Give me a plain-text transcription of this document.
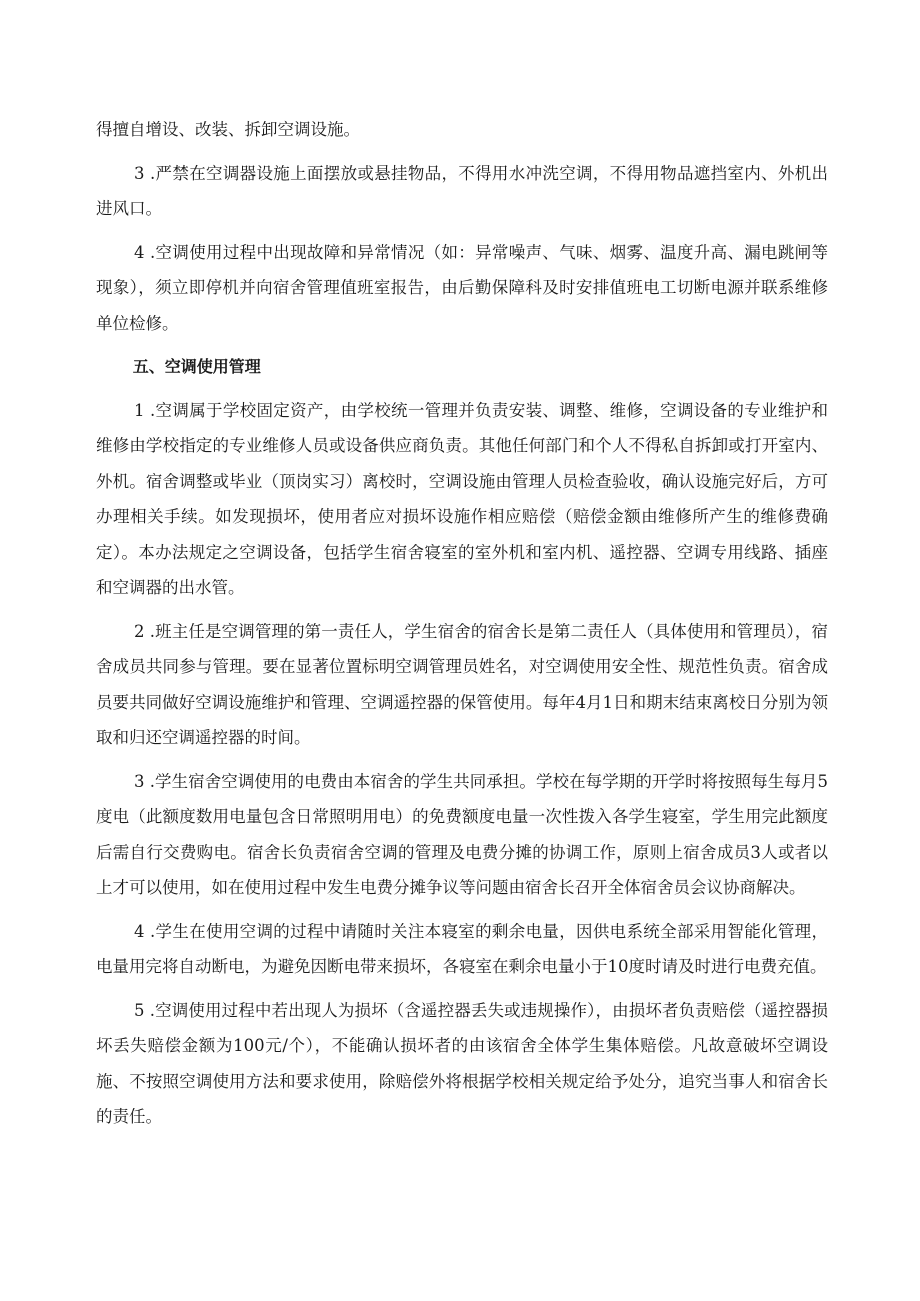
得擅自增设、改装、拆卸空调设施。

3 .严禁在空调器设施上面摆放或悬挂物品，不得用水冲洗空调，不得用物品遮挡室内、外机出进风口。

4 .空调使用过程中出现故障和异常情况（如：异常噪声、气味、烟雾、温度升高、漏电跳闸等现象），须立即停机并向宿舍管理值班室报告，由后勤保障科及时安排值班电工切断电源并联系维修单位检修。

五、空调使用管理

1 .空调属于学校固定资产，由学校统一管理并负责安装、调整、维修，空调设备的专业维护和维修由学校指定的专业维修人员或设备供应商负责。其他任何部门和个人不得私自拆卸或打开室内、外机。宿舍调整或毕业（顶岗实习）离校时，空调设施由管理人员检查验收，确认设施完好后，方可办理相关手续。如发现损坏，使用者应对损坏设施作相应赔偿（赔偿金额由维修所产生的维修费确定）。本办法规定之空调设备，包括学生宿舍寝室的室外机和室内机、遥控器、空调专用线路、插座和空调器的出水管。

2 .班主任是空调管理的第一责任人，学生宿舍的宿舍长是第二责任人（具体使用和管理员），宿舍成员共同参与管理。要在显著位置标明空调管理员姓名，对空调使用安全性、规范性负责。宿舍成员要共同做好空调设施维护和管理、空调遥控器的保管使用。每年4月1日和期末结束离校日分别为领取和归还空调遥控器的时间。

3 .学生宿舍空调使用的电费由本宿舍的学生共同承担。学校在每学期的开学时将按照每生每月5度电（此额度数用电量包含日常照明用电）的免费额度电量一次性拨入各学生寝室，学生用完此额度后需自行交费购电。宿舍长负责宿舍空调的管理及电费分摊的协调工作，原则上宿舍成员3人或者以上才可以使用，如在使用过程中发生电费分摊争议等问题由宿舍长召开全体宿舍员会议协商解决。

4 .学生在使用空调的过程中请随时关注本寝室的剩余电量，因供电系统全部采用智能化管理，电量用完将自动断电，为避免因断电带来损坏，各寝室在剩余电量小于10度时请及时进行电费充值。

5 .空调使用过程中若出现人为损坏（含遥控器丢失或违规操作），由损坏者负责赔偿（遥控器损坏丢失赔偿金额为100元/个），不能确认损坏者的由该宿舍全体学生集体赔偿。凡故意破坏空调设施、不按照空调使用方法和要求使用，除赔偿外将根据学校相关规定给予处分，追究当事人和宿舍长的责任。
